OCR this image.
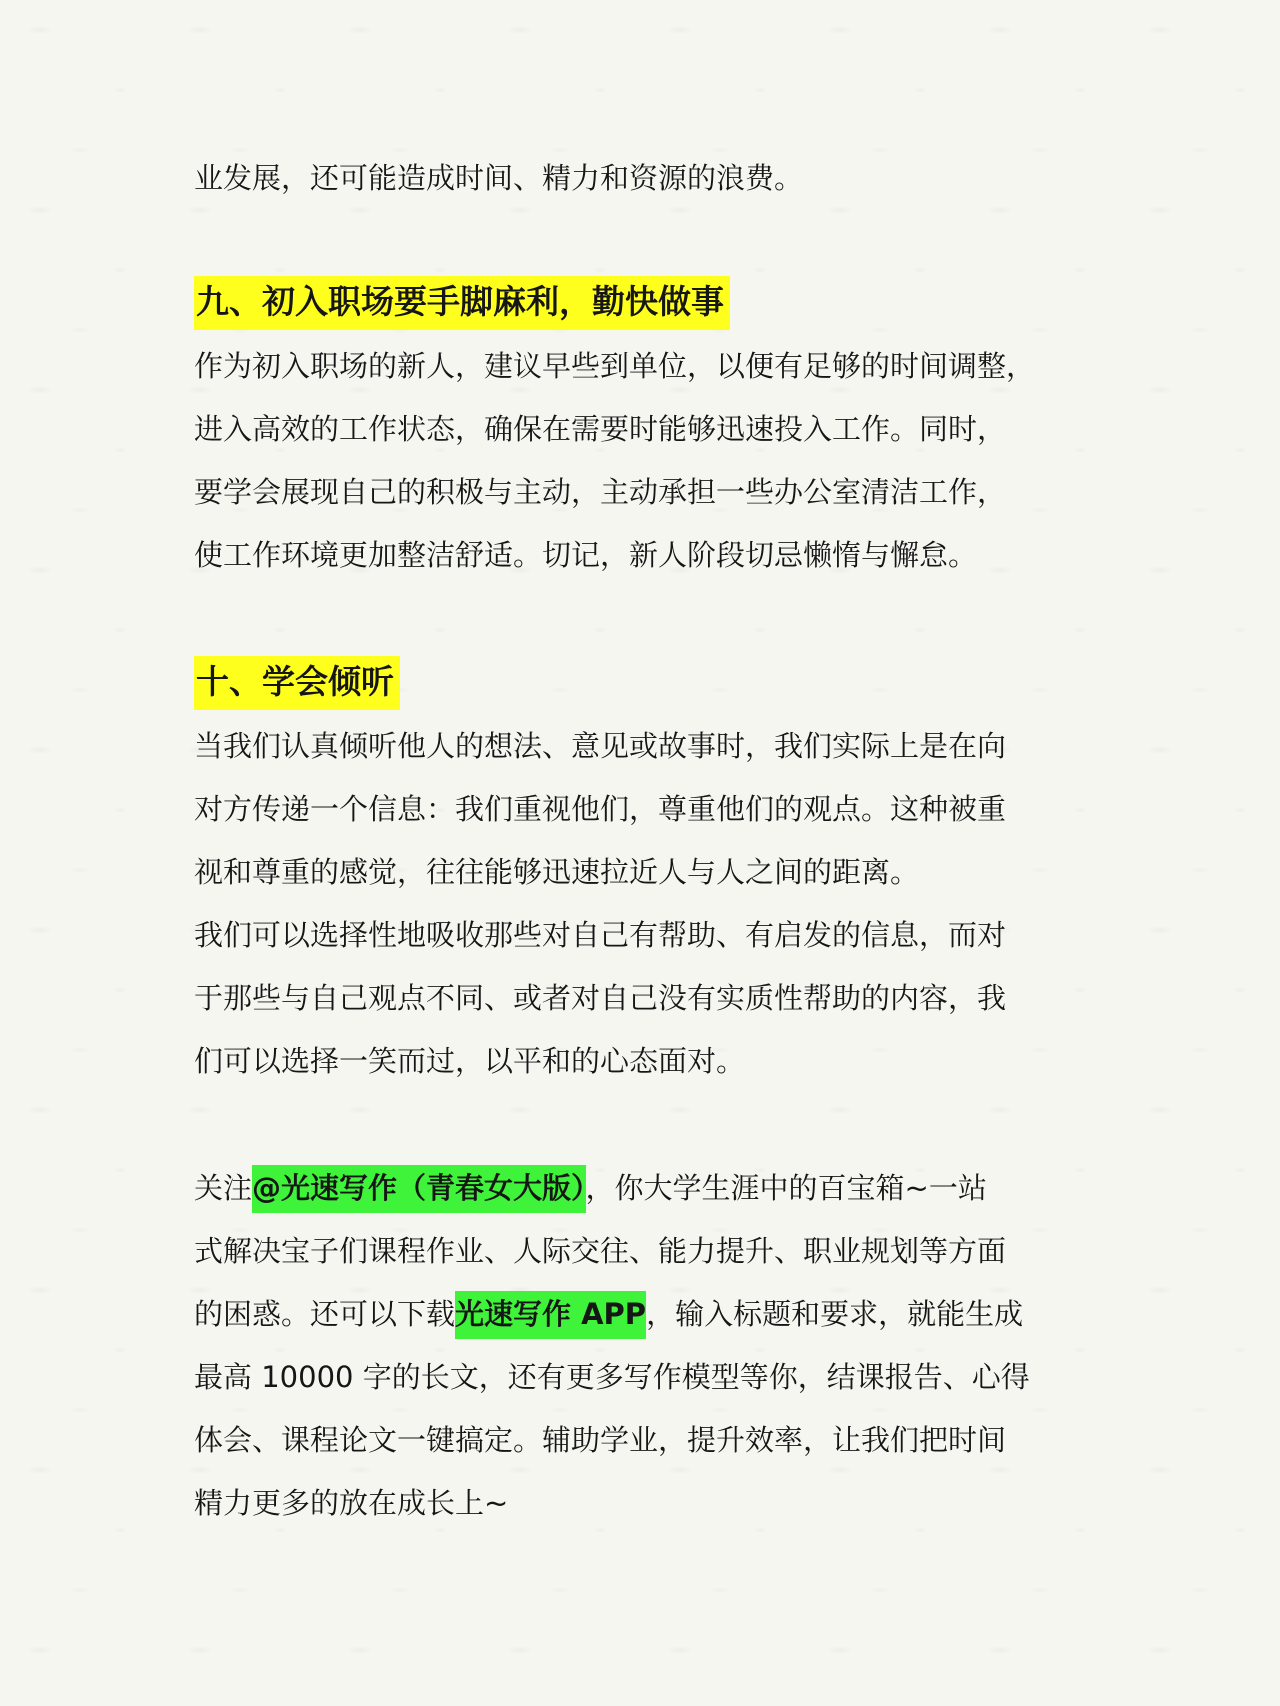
业发展，还可能造成时间、精力和资源的浪费。
九、初入职场要手脚麻利，勤快做事
作为初入职场的新人，建议早些到单位，以便有足够的时间调整，
进入高效的工作状态，确保在需要时能够迅速投入工作。同时，
要学会展现自己的积极与主动，主动承担一些办公室清洁工作，
使工作环境更加整洁舒适。切记，新人阶段切忌懒惰与懈怠。
十、学会倾听
当我们认真倾听他人的想法、意见或故事时，我们实际上是在向
对方传递一个信息：我们重视他们，尊重他们的观点。这种被重
视和尊重的感觉，往往能够迅速拉近人与人之间的距离。
我们可以选择性地吸收那些对自己有帮助、有启发的信息，而对
于那些与自己观点不同、或者对自己没有实质性帮助的内容，我
们可以选择一笑而过，以平和的心态面对。
关注@光速写作（青春女大版），你大学生涯中的百宝箱~一站
式解决宝子们课程作业、人际交往、能力提升、职业规划等方面
的困惑。还可以下载光速写作 APP，输入标题和要求，就能生成
最高 10000 字的长文，还有更多写作模型等你，结课报告、心得
体会、课程论文一键搞定。辅助学业，提升效率，让我们把时间
精力更多的放在成长上~
